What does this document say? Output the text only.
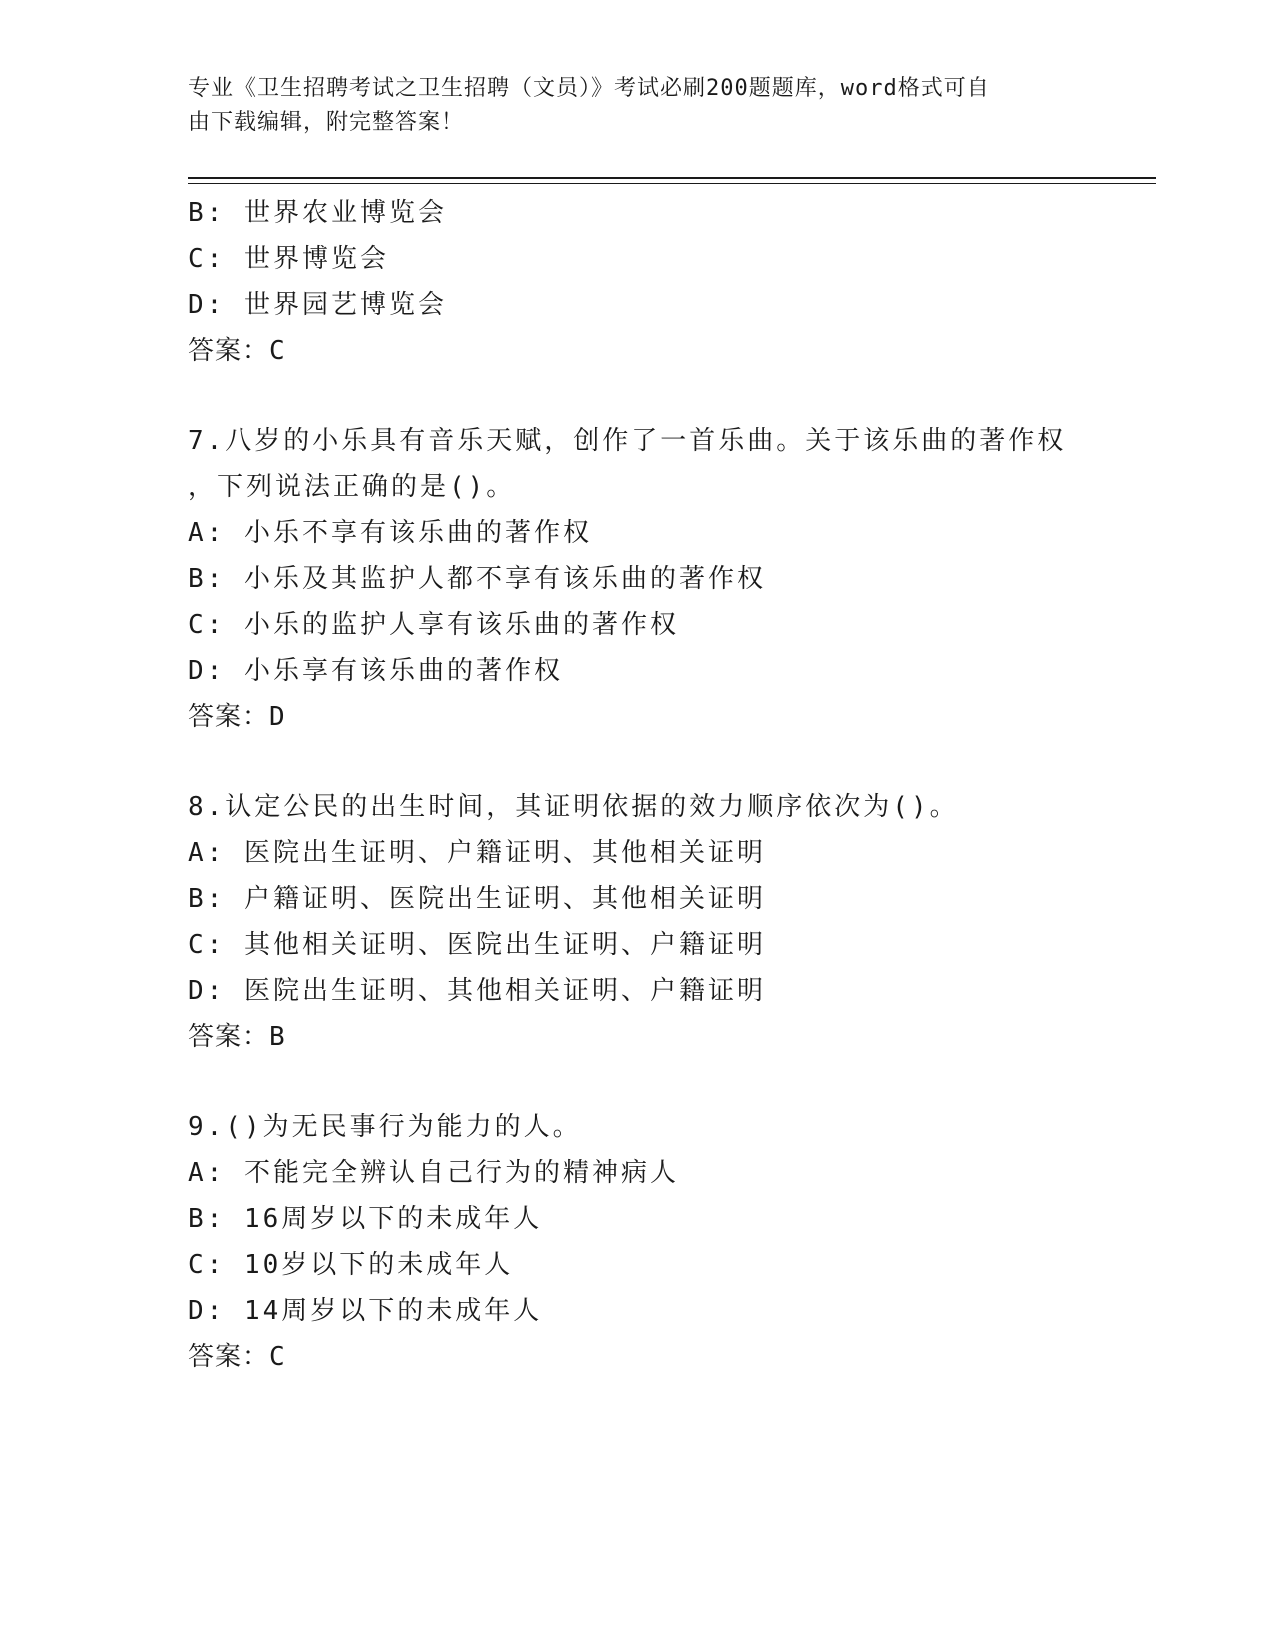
专业《卫生招聘考试之卫生招聘（文员）》考试必刷200题题库，word格式可自
由下载编辑，附完整答案！
B: 世界农业博览会
C: 世界博览会
D: 世界园艺博览会
答案：C
7.八岁的小乐具有音乐天赋，创作了一首乐曲。关于该乐曲的著作权
，下列说法正确的是()。
A: 小乐不享有该乐曲的著作权
B: 小乐及其监护人都不享有该乐曲的著作权
C: 小乐的监护人享有该乐曲的著作权
D: 小乐享有该乐曲的著作权
答案：D
8.认定公民的出生时间，其证明依据的效力顺序依次为()。
A: 医院出生证明、户籍证明、其他相关证明
B: 户籍证明、医院出生证明、其他相关证明
C: 其他相关证明、医院出生证明、户籍证明
D: 医院出生证明、其他相关证明、户籍证明
答案：B
9.()为无民事行为能力的人。
A: 不能完全辨认自己行为的精神病人
B: 16周岁以下的未成年人
C: 10岁以下的未成年人
D: 14周岁以下的未成年人
答案：C
